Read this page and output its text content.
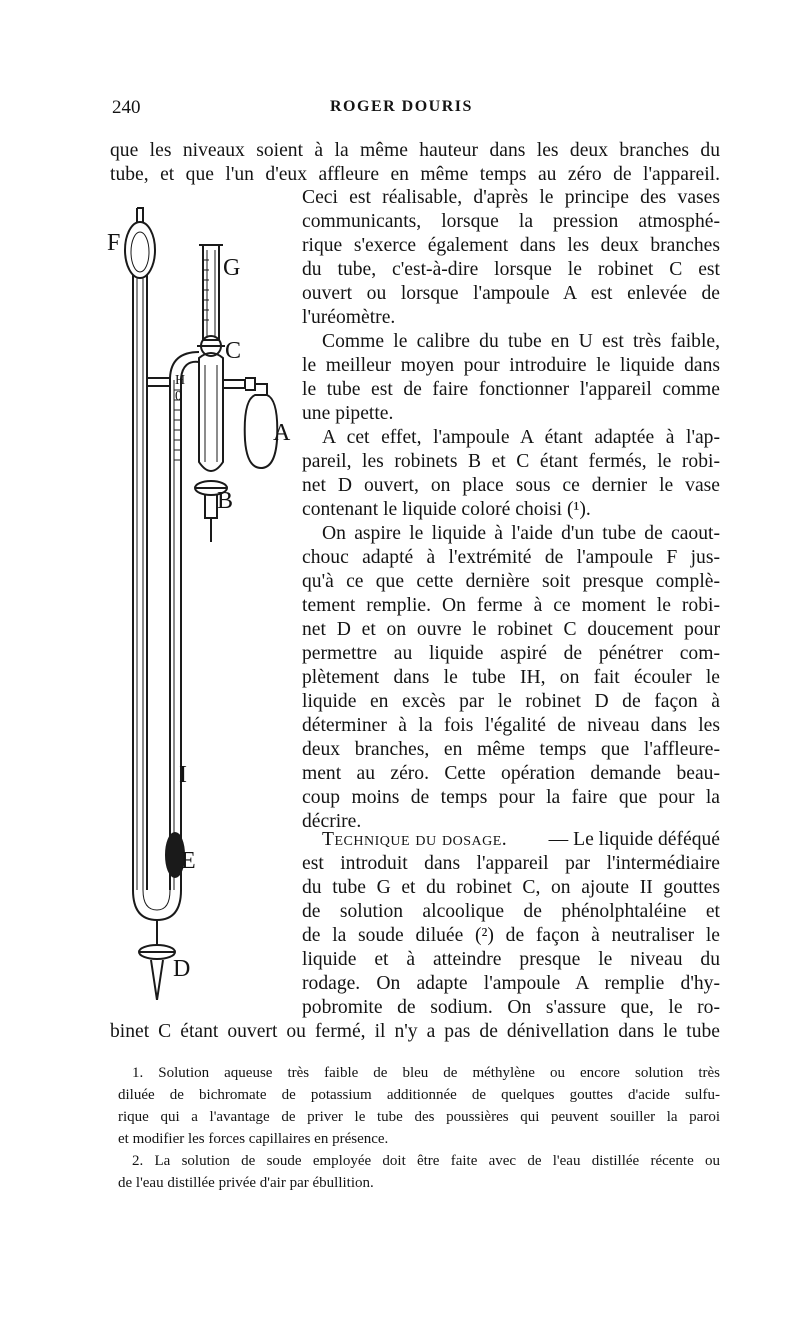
240	ROGER DOURIS
F
G
C
H
0
A
B
I
E
D
que les niveaux soient à la même hauteur dans les deux branches du
tube, et que l'un d'eux affleure en même temps au zéro de l'appareil.
Ceci est réalisable, d'après le principe des vases
communicants, lorsque la pression atmosphé-
rique s'exerce également dans les deux branches
du tube, c'est-à-dire lorsque le robinet C est
ouvert ou lorsque l'ampoule A est enlevée de
l'uréomètre.
Comme le calibre du tube en U est très faible,
le meilleur moyen pour introduire le liquide dans
le tube est de faire fonctionner l'appareil comme
une pipette.
A cet effet, l'ampoule A étant adaptée à l'ap-
pareil, les robinets B et C étant fermés, le robi-
net D ouvert, on place sous ce dernier le vase
contenant le liquide coloré choisi (¹).
On aspire le liquide à l'aide d'un tube de caout-
chouc adapté à l'extrémité de l'ampoule F jus-
qu'à ce que cette dernière soit presque complè-
tement remplie. On ferme à ce moment le robi-
net D et on ouvre le robinet C doucement pour
permettre au liquide aspiré de pénétrer com-
plètement dans le tube IH, on fait écouler le
liquide en excès par le robinet D de façon à
déterminer à la fois l'égalité de niveau dans les
deux branches, en même temps que l'affleure-
ment au zéro. Cette opération demande beau-
coup moins de temps pour la faire que pour la
décrire.
Technique du dosage. — Le liquide déféqué
est introduit dans l'appareil par l'intermédiaire
du tube G et du robinet C, on ajoute II gouttes
de solution alcoolique de phénolphtaléine et
de la soude diluée (²) de façon à neutraliser le
liquide et à atteindre presque le niveau du
rodage. On adapte l'ampoule A remplie d'hy-
pobromite de sodium. On s'assure que, le ro-
binet C étant ouvert ou fermé, il n'y a pas de dénivellation dans le tube
1. Solution aqueuse très faible de bleu de méthylène ou encore solution très
diluée de bichromate de potassium additionnée de quelques gouttes d'acide sulfu-
rique qui a l'avantage de priver le tube des poussières qui peuvent souiller la paroi
et modifier les forces capillaires en présence.
2. La solution de soude employée doit être faite avec de l'eau distillée récente ou
de l'eau distillée privée d'air par ébullition.
